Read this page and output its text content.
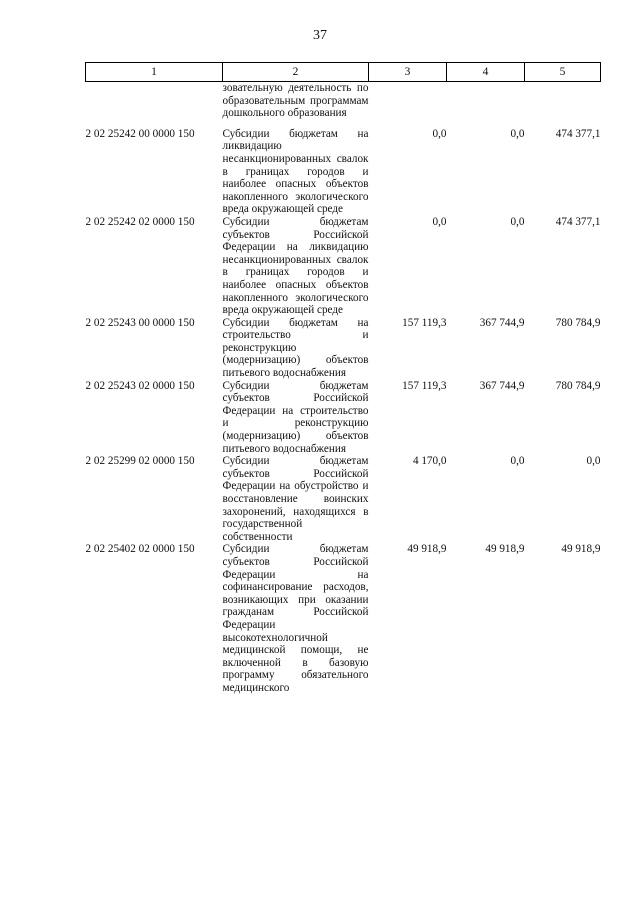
37
1	2	3	4	5
	зовательную деятельность по образовательным программам дошкольного образования			
2 02 25242 00 0000 150	Субсидии бюджетам на ликвидацию несанкционированных свалок в границах городов и наиболее опасных объектов накопленного экологического вреда окружающей среде	0,0	0,0	474 377,1
2 02 25242 02 0000 150	Субсидии бюджетам субъектов Российской Федерации на ликвидацию несанкционированных свалок в границах городов и наиболее опасных объектов накопленного экологического вреда окружающей среде	0,0	0,0	474 377,1
2 02 25243 00 0000 150	Субсидии бюджетам на строительство и реконструкцию (модернизацию) объектов питьевого водоснабжения	157 119,3	367 744,9	780 784,9
2 02 25243 02 0000 150	Субсидии бюджетам субъектов Российской Федерации на строительство и реконструкцию (модернизацию) объектов питьевого водоснабжения	157 119,3	367 744,9	780 784,9
2 02 25299 02 0000 150	Субсидии бюджетам субъектов Российской Федерации на обустройство и восстановление воинских захоронений, находящихся в государственной собственности	4 170,0	0,0	0,0
2 02 25402 02 0000 150	Субсидии бюджетам субъектов Российской Федерации на софинансирование расходов, возникающих при оказании гражданам Российской Федерации высокотехнологичной медицинской помощи, не включенной в базовую программу обязательного медицинского	49 918,9	49 918,9	49 918,9
